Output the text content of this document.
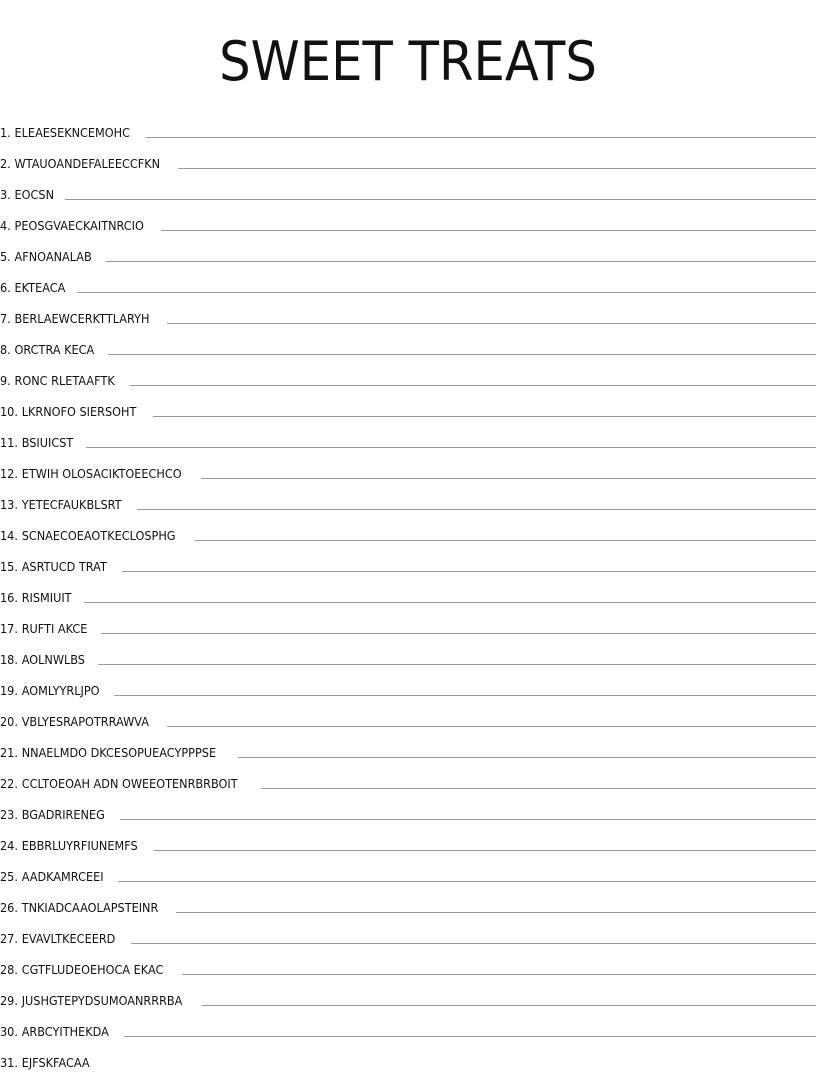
SWEET TREATS
1. ELEAESEKNCEMOHC
2. WTAUOANDEFALEECCFKN
3. EOCSN
4. PEOSGVAECKAITNRCIO
5. AFNOANALAB
6. EKTEACA
7. BERLAEWCERKTTLARYH
8. ORCTRA KECA
9. RONC RLETAAFTK
10. LKRNOFO SIERSOHT
11. BSIUICST
12. ETWIH OLOSACIKTOEECHCO
13. YETECFAUKBLSRT
14. SCNAECOEAOTKECLOSPHG
15. ASRTUCD TRAT
16. RISMIUIT
17. RUFTI AKCE
18. AOLNWLBS
19. AOMLYYRLJPO
20. VBLYESRAPOTRRAWVA
21. NNAELMDO DKCESOPUEACYPPPSE
22. CCLTOEOAH ADN OWEEOTENRBRBOIT
23. BGADRIRENEG
24. EBBRLUYRFIUNEMFS
25. AADKAMRCEEI
26. TNKIADCAAOLAPSTEINR
27. EVAVLTKECEERD
28. CGTFLUDEOEHOCA EKAC
29. JUSHGTEPYDSUMOANRRRBA
30. ARBCYITHEKDA
31. EJFSKFACAA
